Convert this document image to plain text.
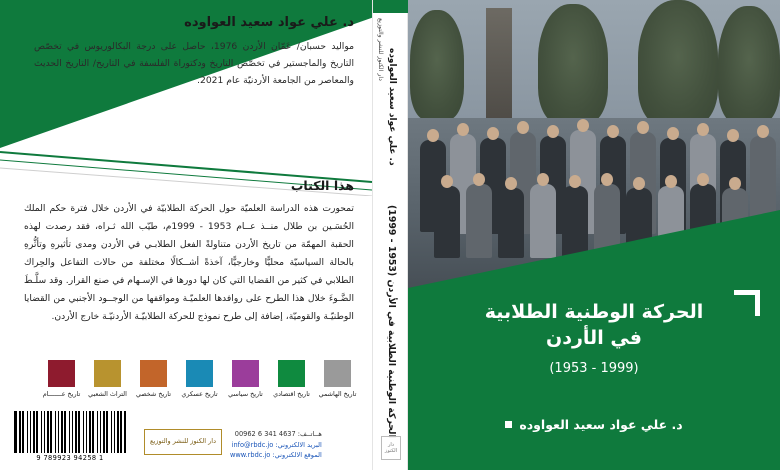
د. علي عواد سعيد العواوده
مواليد حسبان/ عَمّان الأردن 1976، حاصل على درجة البكالوريوس في تخصّص التاريخ والماجستير في تخصّص التاريخ ودكتوراة الفلسفة في التاريخ/ التاريخ الحديث والمعاصر من الجامعة الأردنيّة عام 2021.
هذا الكتاب
تمحورت هذه الدراسة العلميّة حول الحركة الطلابيّة في الأردن خلال فترة حكم الملك الحُسَـين بن طلال منــذ عــام 1953 - 1999م، طيّب الله ثـراه، فقد رصدت لهذه الحقبة المهمّة من تاريخ الأردن متناولةً الفعل الطلابـي في الأردن ومدى تأثيرهِ وتأثُّرهِ بالحالة السياسيّة محليًّا وخارجيًّا، آخذةً أشــكالًا مختلفة من حالات التفاعل والحِراك الطلابي في كثير من القضايا التي كان لها دورها في الإسـهام في صنع القرار. وقد سلَّـطَ الضَّـوءَ خلال هذا الطرح على روافدها العلميّـة ومواقفها من الوجــود الأجنبي من القضايا الوطنيّـة والقوميّة، إضافة إلى طرح نموذج للحركة الطلابيّـة الأردنيّـة خارج الأردن.
تاريخ عـــــــام التراث الشعبي	تاريخ شخصي	تاريخ عسكري	تاريخ سياسي	تاريخ اقتصادي	تاريخ الهاشمي
دار الكنوز للنشر والتوزيع
هــاتــف: 4637 341 6 00962
البريد الالكتروني: info@rbdc.jo
الموقع الالكتروني: www.rbdc.jo
9 789923 94258 1
دار الكنوز للنشر والتوزيع د. علي عواد سعيد العواوده
الحركة الوطنية الطلابية في الأردن (1953 - 1999)
دار الكنوز
الحركة الوطنية الطلابية
في الأردن
(1953 - 1999)
د. علي عواد سعيد العواوده
